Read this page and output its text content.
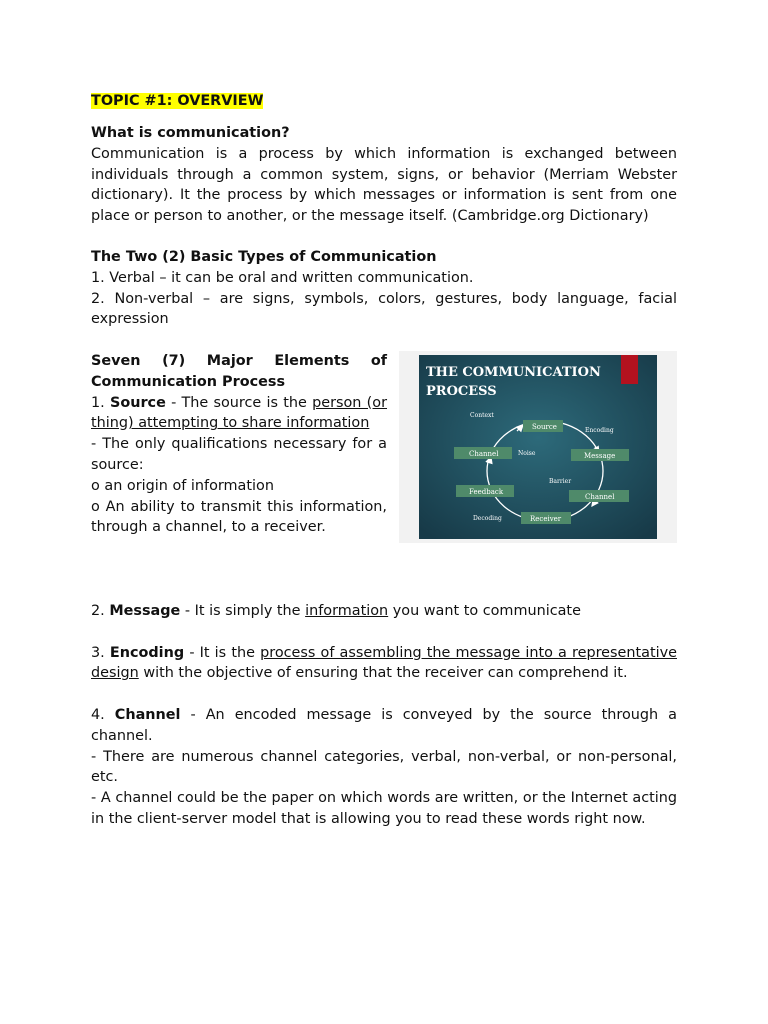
TOPIC #1: OVERVIEW

What is communication?

Communication is a process by which information is exchanged between individuals through a common system, signs, or behavior (Merriam Webster dictionary). It the process by which messages or information is sent from one place or person to another, or the message itself. (Cambridge.org Dictionary)

The Two (2) Basic Types of Communication

1. Verbal – it can be oral and written communication.

2. Non-verbal – are signs, symbols, colors, gestures, body language, facial expression

Seven (7) Major Elements of Communication Process

1. Source - The source is the person (or thing) attempting to share information

- The only qualifications necessary for a source:

o an origin of information

o An ability to transmit this information, through a channel, to a receiver.

THE COMMUNICATION
PROCESS
Context
Source	Encoding
Channel	Noise	Message
Barrier
Feedback
Channel
Decoding	Receiver

2. Message - It is simply the information you want to communicate

3. Encoding - It is the process of assembling the message into a representative design with the objective of ensuring that the receiver can comprehend it.

4. Channel - An encoded message is conveyed by the source through a channel.

- There are numerous channel categories, verbal, non-verbal, or non-personal, etc.

- A channel could be the paper on which words are written, or the Internet acting in the client-server model that is allowing you to read these words right now.
